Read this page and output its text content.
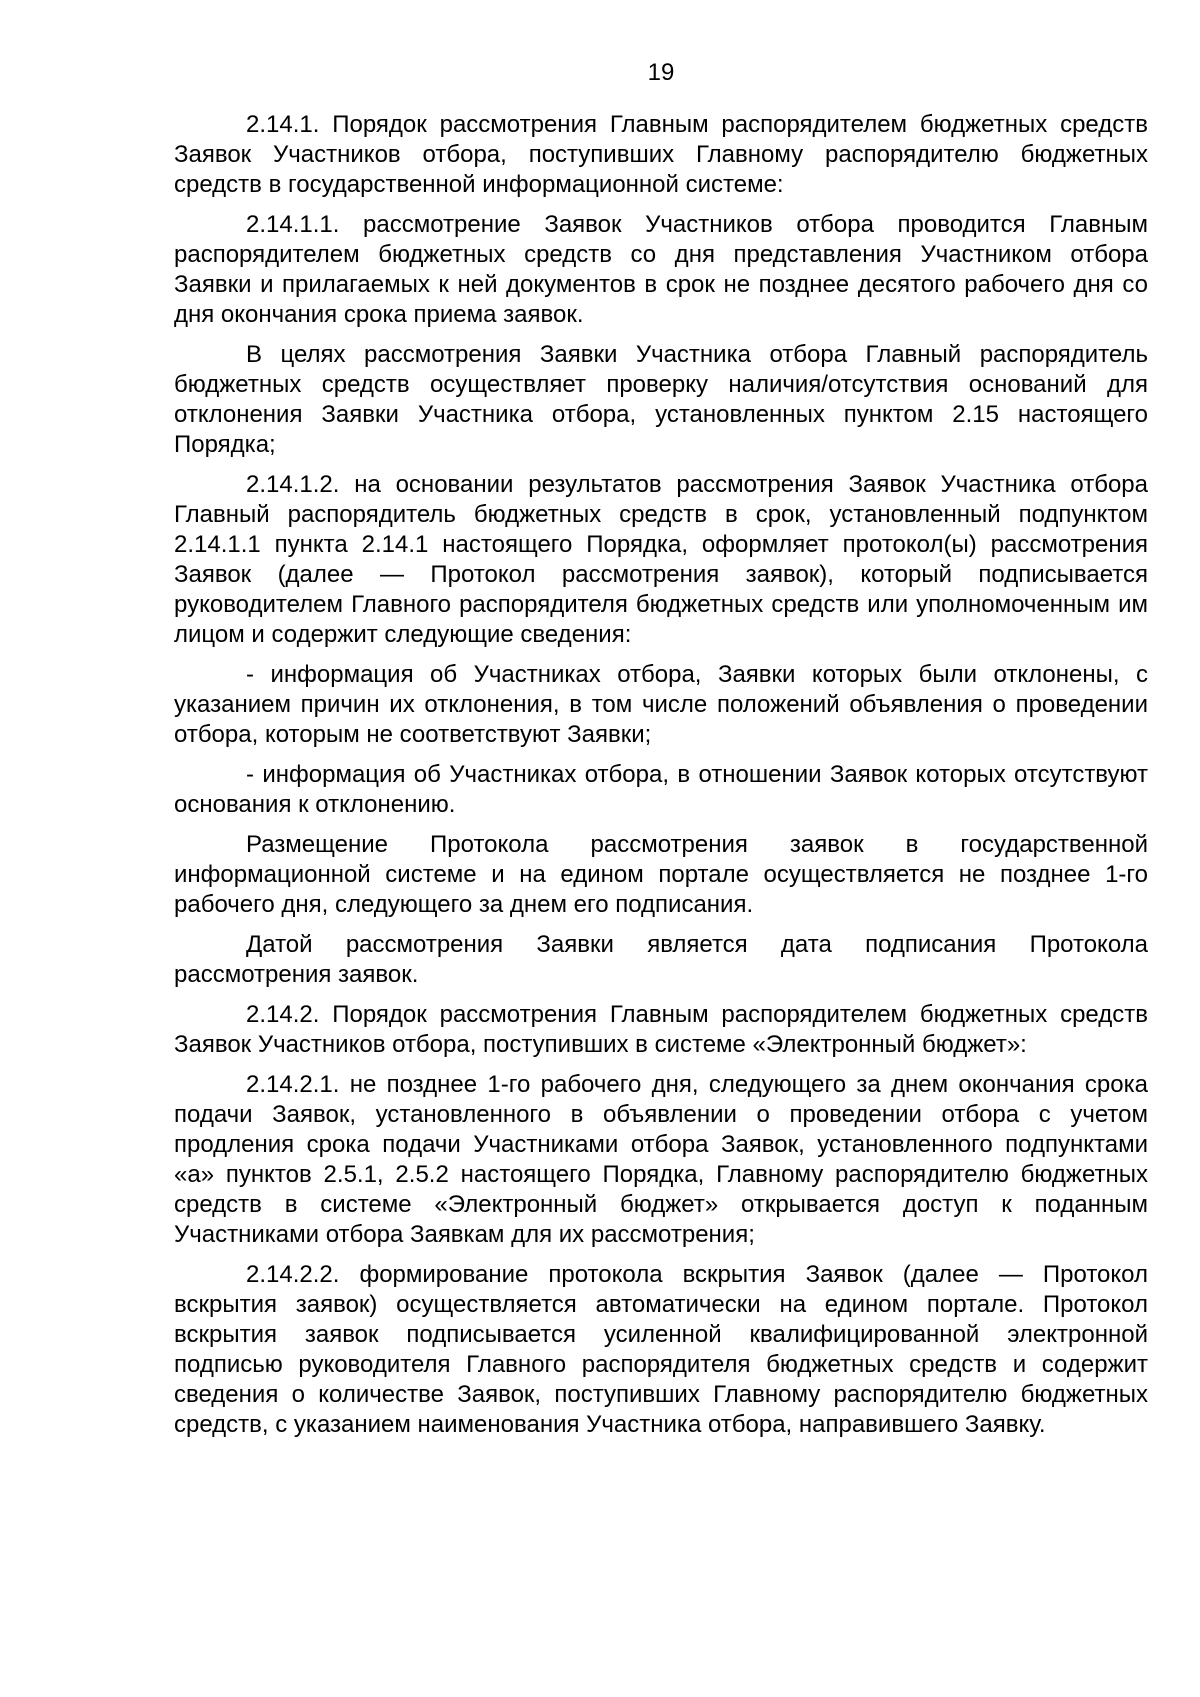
19

2.14.1. Порядок рассмотрения Главным распорядителем бюджетных средств Заявок Участников отбора, поступивших Главному распорядителю бюджетных средств в государственной информационной системе:

2.14.1.1. рассмотрение Заявок Участников отбора проводится Главным распорядителем бюджетных средств со дня представления Участником отбора Заявки и прилагаемых к ней документов в срок не позднее десятого рабочего дня со дня окончания срока приема заявок.

В целях рассмотрения Заявки Участника отбора Главный распорядитель бюджетных средств осуществляет проверку наличия/отсутствия оснований для отклонения Заявки Участника отбора, установленных пунктом 2.15 настоящего Порядка;

2.14.1.2. на основании результатов рассмотрения Заявок Участника отбора Главный распорядитель бюджетных средств в срок, установленный подпунктом 2.14.1.1 пункта 2.14.1 настоящего Порядка, оформляет протокол(ы) рассмотрения Заявок (далее — Протокол рассмотрения заявок), который подписывается руководителем Главного распорядителя бюджетных средств или уполномоченным им лицом и содержит следующие сведения:

- информация об Участниках отбора, Заявки которых были отклонены, с указанием причин их отклонения, в том числе положений объявления о проведении отбора, которым не соответствуют Заявки;

- информация об Участниках отбора, в отношении Заявок которых отсутствуют основания к отклонению.

Размещение Протокола рассмотрения заявок в государственной информационной системе и на едином портале осуществляется не позднее 1-го рабочего дня, следующего за днем его подписания.

Датой рассмотрения Заявки является дата подписания Протокола рассмотрения заявок.

2.14.2. Порядок рассмотрения Главным распорядителем бюджетных средств Заявок Участников отбора, поступивших в системе «Электронный бюджет»:

2.14.2.1. не позднее 1-го рабочего дня, следующего за днем окончания срока подачи Заявок, установленного в объявлении о проведении отбора с учетом продления срока подачи Участниками отбора Заявок, установленного подпунктами «а» пунктов 2.5.1, 2.5.2 настоящего Порядка, Главному распорядителю бюджетных средств в системе «Электронный бюджет» открывается доступ к поданным Участниками отбора Заявкам для их рассмотрения;

2.14.2.2. формирование протокола вскрытия Заявок (далее — Протокол вскрытия заявок) осуществляется автоматически на едином портале. Протокол вскрытия заявок подписывается усиленной квалифицированной электронной подписью руководителя Главного распорядителя бюджетных средств и содержит сведения о количестве Заявок, поступивших Главному распорядителю бюджетных средств, с указанием наименования Участника отбора, направившего Заявку.
